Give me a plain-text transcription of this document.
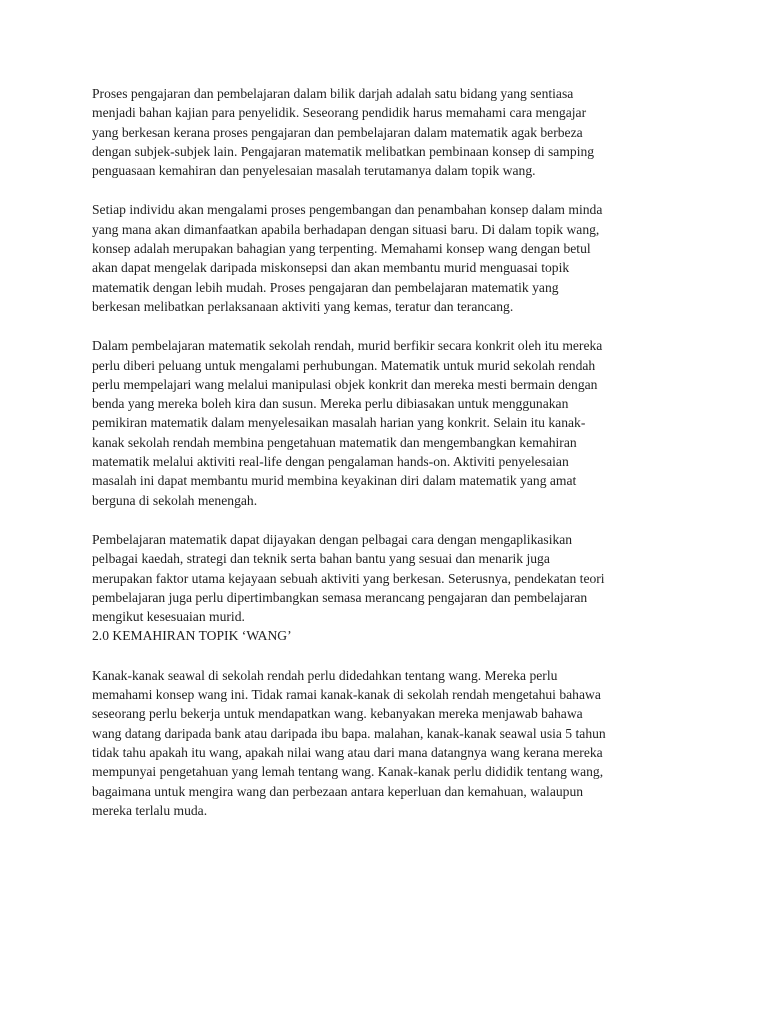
Proses pengajaran dan pembelajaran dalam bilik darjah adalah satu bidang yang sentiasa
menjadi bahan kajian para penyelidik. Seseorang pendidik harus memahami cara mengajar
yang berkesan kerana proses pengajaran dan pembelajaran dalam matematik agak berbeza
dengan subjek-subjek lain. Pengajaran matematik melibatkan pembinaan konsep di samping
penguasaan kemahiran dan penyelesaian masalah terutamanya dalam topik wang.

Setiap individu akan mengalami proses pengembangan dan penambahan konsep dalam minda
yang mana akan dimanfaatkan apabila berhadapan dengan situasi baru. Di dalam topik wang,
konsep adalah merupakan bahagian yang terpenting. Memahami konsep wang dengan betul
akan dapat mengelak daripada miskonsepsi dan akan membantu murid menguasai topik
matematik dengan lebih mudah. Proses pengajaran dan pembelajaran matematik yang
berkesan melibatkan perlaksanaan aktiviti yang kemas, teratur dan terancang.

Dalam pembelajaran matematik sekolah rendah, murid berfikir secara konkrit oleh itu mereka
perlu diberi peluang untuk mengalami perhubungan. Matematik untuk murid sekolah rendah
perlu mempelajari wang melalui manipulasi objek konkrit dan mereka mesti bermain dengan
benda yang mereka boleh kira dan susun. Mereka perlu dibiasakan untuk menggunakan
pemikiran matematik dalam menyelesaikan masalah harian yang konkrit. Selain itu kanak-
kanak sekolah rendah membina pengetahuan matematik dan mengembangkan kemahiran
matematik melalui aktiviti real-life dengan pengalaman hands-on. Aktiviti penyelesaian
masalah ini dapat membantu murid membina keyakinan diri dalam matematik yang amat
berguna di sekolah menengah.

Pembelajaran matematik dapat dijayakan dengan pelbagai cara dengan mengaplikasikan
pelbagai kaedah, strategi dan teknik serta bahan bantu yang sesuai dan menarik juga
merupakan faktor utama kejayaan sebuah aktiviti yang berkesan. Seterusnya, pendekatan teori
pembelajaran juga perlu dipertimbangkan semasa merancang pengajaran dan pembelajaran
mengikut kesesuaian murid.

2.0 KEMAHIRAN TOPIK ‘WANG’

Kanak-kanak seawal di sekolah rendah perlu didedahkan tentang wang. Mereka perlu
memahami konsep wang ini. Tidak ramai kanak-kanak di sekolah rendah mengetahui bahawa
seseorang perlu bekerja untuk mendapatkan wang. kebanyakan mereka menjawab bahawa
wang datang daripada bank atau daripada ibu bapa. malahan, kanak-kanak seawal usia 5 tahun
tidak tahu apakah itu wang, apakah nilai wang atau dari mana datangnya wang kerana mereka
mempunyai pengetahuan yang lemah tentang wang. Kanak-kanak perlu dididik tentang wang,
bagaimana untuk mengira wang dan perbezaan antara keperluan dan kemahuan, walaupun
mereka terlalu muda.
